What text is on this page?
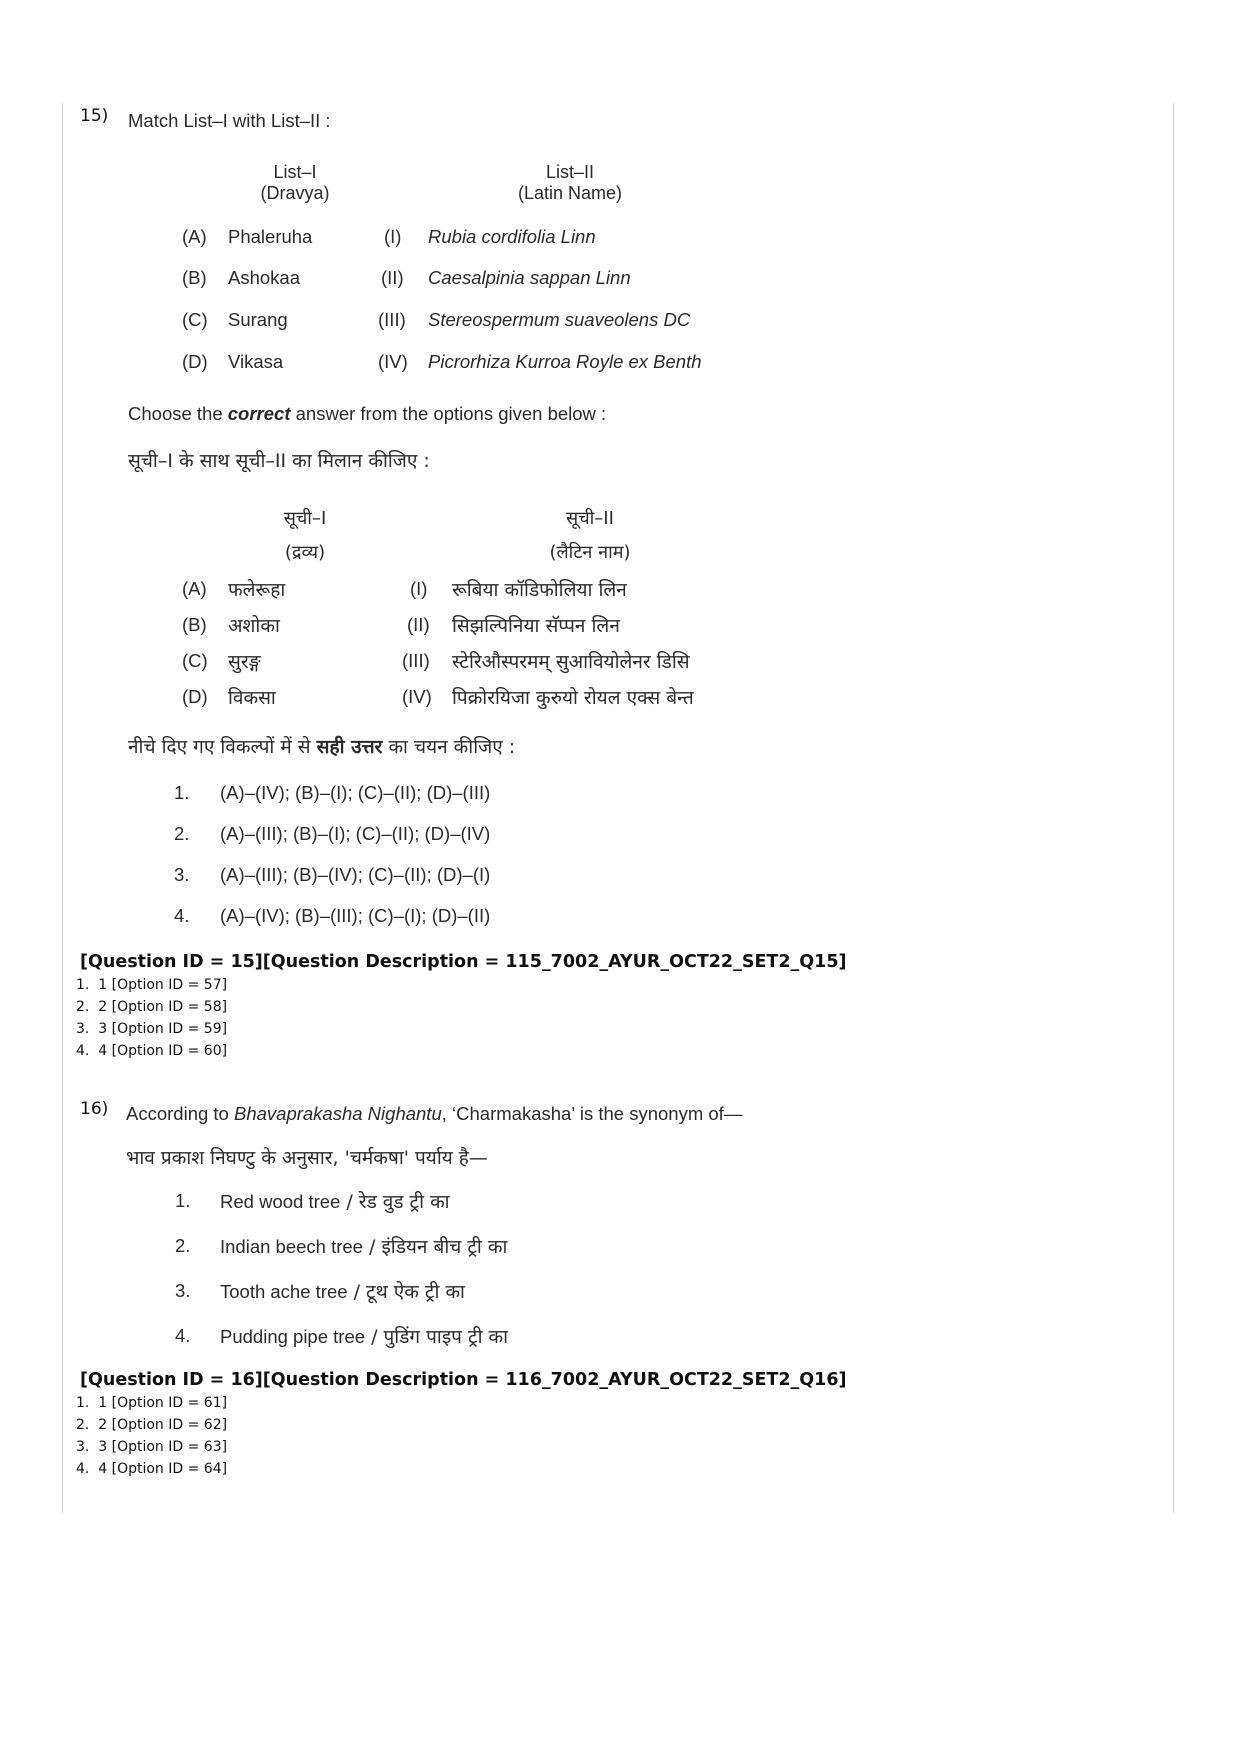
15) Match List–I with List–II :
List–I
(Dravya)
List–II
(Latin Name)
(A) Phaleruha	(I) Rubia cordifolia Linn
(B) Ashokaa	(II) Caesalpinia sappan Linn
(C) Surang	(III) Stereospermum suaveolens DC
(D) Vikasa	(IV) Picrorhiza Kurroa Royle ex Benth
Choose the correct answer from the options given below :
सूची–I के साथ सूची–II का मिलान कीजिए :
सूची–I
(द्रव्य)
सूची–II
(लैटिन नाम)
(A) फलेरूहा	(I) रूबिया कॉडिफोलिया लिन
(B) अशोका	(II) सिझल्पिनिया सॅप्पन लिन
(C) सुरङ्ग	(III) स्टेरिऔस्परमम् सुआवियोलेनर डिसि
(D) विकसा	(IV) पिक्रोरयिजा कुरुयो रोयल एक्स बेन्त
नीचे दिए गए विकल्पों में से सही उत्तर का चयन कीजिए :
1. (A)–(IV); (B)–(I); (C)–(II); (D)–(III)
2. (A)–(III); (B)–(I); (C)–(II); (D)–(IV)
3. (A)–(III); (B)–(IV); (C)–(II); (D)–(I)
4. (A)–(IV); (B)–(III); (C)–(I); (D)–(II)
[Question ID = 15][Question Description = 115_7002_AYUR_OCT22_SET2_Q15]
1.  1 [Option ID = 57]
2.  2 [Option ID = 58]
3.  3 [Option ID = 59]
4.  4 [Option ID = 60]
16) According to Bhavaprakasha Nighantu, ‘Charmakasha’ is the synonym of—
भाव प्रकाश निघण्टु के अनुसार, 'चर्मकषा' पर्याय है—
1. Red wood tree / रेड वुड ट्री का
2. Indian beech tree / इंडियन बीच ट्री का
3. Tooth ache tree / टूथ ऐक ट्री का
4. Pudding pipe tree / पुडिंग पाइप ट्री का
[Question ID = 16][Question Description = 116_7002_AYUR_OCT22_SET2_Q16]
1.  1 [Option ID = 61]
2.  2 [Option ID = 62]
3.  3 [Option ID = 63]
4.  4 [Option ID = 64]
